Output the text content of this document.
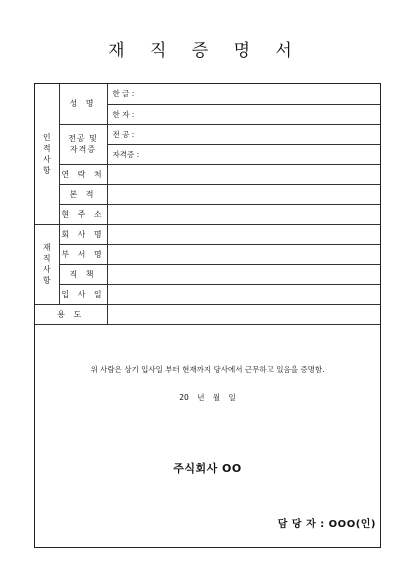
재 직 증 명 서
인
적
사
항	성 명	한 글 :
		한 자 :

	전공 및
자격증	전 공 :
		자격증 :
	연 락 처	
	본 적	
	현 주 소	

재
직
사
항	회 사 명	
	부 서 명	
	직 책	
	입 사 일	
용 도		
위 사람은 상기 입사일 부터 현재까지 당사에서 근무하고 있음을 증명함.
20 년 월 일
주식회사 OO
담 당 자 : OOO(인)
